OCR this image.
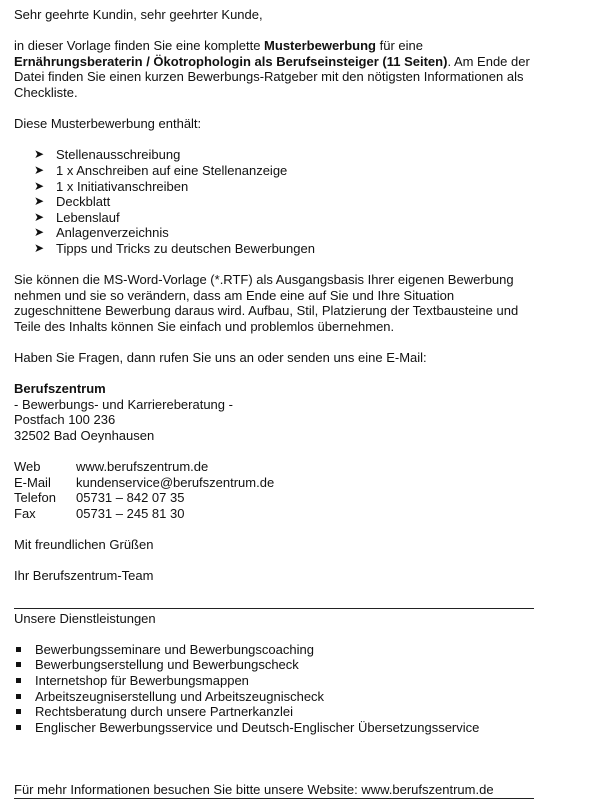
Sehr geehrte Kundin, sehr geehrter Kunde,

in dieser Vorlage finden Sie eine komplette Musterbewerbung für eine Ernährungsberaterin / Ökotrophologin als Berufseinsteiger (11 Seiten). Am Ende der Datei finden Sie einen kurzen Bewerbungs-Ratgeber mit den nötigsten Informationen als Checkliste.

Diese Musterbewerbung enthält:

➤ Stellenausschreibung
➤ 1 x Anschreiben auf eine Stellenanzeige
➤ 1 x Initiativanschreiben
➤ Deckblatt
➤ Lebenslauf
➤ Anlagenverzeichnis
➤ Tipps und Tricks zu deutschen Bewerbungen

Sie können die MS-Word-Vorlage (*.RTF) als Ausgangsbasis Ihrer eigenen Bewerbung nehmen und sie so verändern, dass am Ende eine auf Sie und Ihre Situation zugeschnittene Bewerbung daraus wird. Aufbau, Stil, Platzierung der Textbausteine und Teile des Inhalts können Sie einfach und problemlos übernehmen.

Haben Sie Fragen, dann rufen Sie uns an oder senden uns eine E-Mail:

Berufszentrum

- Bewerbungs- und Karriereberatung -

Postfach 100 236

32502 Bad Oeynhausen

Web	www.berufszentrum.de
E-Mail	kundenservice@berufszentrum.de
Telefon	05731 – 842 07 35
Fax	05731 – 245 81 30

Mit freundlichen Grüßen

Ihr Berufszentrum-Team

Unsere Dienstleistungen

Bewerbungsseminare und Bewerbungscoaching
Bewerbungserstellung und Bewerbungscheck
Internetshop für Bewerbungsmappen
Arbeitszeugniserstellung und Arbeitszeugnischeck
Rechtsberatung durch unsere Partnerkanzlei
Englischer Bewerbungsservice und Deutsch-Englischer Übersetzungsservice

Für mehr Informationen besuchen Sie bitte unsere Website: www.berufszentrum.de
